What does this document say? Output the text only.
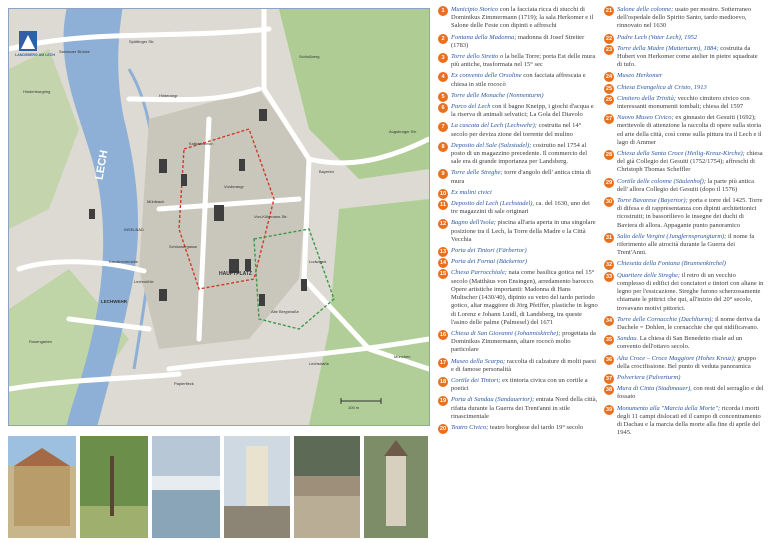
LANDSBERG AM LECH
LECH
HAUPTPLATZ
LECHWEHR
INSELBAD
100 m
Hindenburgring
Spöttinger Str.
Hinterangr
Schloßberg
Bayertor
Katharinenstr.
Vorderangr
Schlossergasse
Von-Kühlmann-Str.
Ludwigstr.
Alte Bergstraße
Lechmühle
Mühlbach
Karolinenbrücke
Rosengarten
Papierfleck
Lechstraße
Sandauer Brücke
Augsburger Str.
München
1 Municipio Storico con la facciata ricca di stucchi di Dominikus Zimmermann (1719); la sala Herkomer e il Salone delle Feste con dipinti e affreschi
2 Fontana della Madonna; madonna di Josef Streiter (1783)
3 Torre dello Stretto o la bella Torre; porta Est delle mura più antiche, trasformata nel 15° sec
4 Ex convento delle Orsoline con facciata affrescata e chiesa in stile rococò
5 Torre delle Monache (Nonnenturm)
6 Parco del Lech con il bagno Kneipp, i giochi d'acqua e la riserva di animali selvatici; La Gola del Diavolo
7 La cascata del Lech (Lechwehr); costruita nel 14° secolo per deviza zione del torrente del mulino
8 Deposito del Sale (Salzstadel); costruito nel 1754 al posto di un magazzino precedente. Il commercio del sale era di grande importanza per Landsberg.
9 Torre delle Streghe; torre d'angolo dell' antica cinta di mura
10 Ex mulini civici
11 Deposito del Lech (Lechstadel), ca. del 1630, uno dei tre magazzini di sale originari
12 Bagno dell'Isola; piscina all'aria aperta in una singolare posizione tra il Lech, la Torre della Madre e la Città Vecchia
13 Porta dei Tintori (Färbertor)
14 Porta dei Fornai (Bäckertor)
15 Chiesa Parrocchiale; nata come basilica gotica nel 15° secolo (Matthäus von Ensingen), arredamento barocco. Opere artistiche importanti: Madonna di Hans Multscher (1430/40), dipinto su vetro del tardo periodo gotico, altar maggiore di Jörg Pfeiffer, plastiche in legno di Lorenz e Johann Luidl, di Landsberg, tra queste l'asino delle palme (Palmesel) del 1671
16 Chiesa di San Giovanni (Johanniskirche); progettata da Dominikus Zimmermann, altare rococò molto particolare
17 Museo della Scarpa; raccolta di calzature di molti paesi e di famose personalità
18 Cortile dei Tintori; ex tintoria civica con un cortile a poetici
19 Porta di Sandau (Sandauertor); entrata Nord della città, rifatta durante la Guerra dei Trent'anni in stile rinascimentale
20 Teatro Civico; teatro borghese del tardo 19° secolo
21 Salone delle colonne; usato per mostre. Sotterraneo dell'ospedale dello Spirito Santo, tardo medioevo, rinnovato nel 1630
22 Padre Lech (Vater Lech), 1952
23 Torre della Madre (Mutterturm), 1884; costruita da Hubert von Herkomer come atelier in pietre squadrate di tufo.
24 Museo Herkomer
25 Chiesa Evangelica di Cristo, 1913
26 Cimitero della Trinità; vecchio cimitero civico con interessanti monumenti tombali; chiesa del 1597
27 Nuovo Museo Civico; ex ginnasio dei Gesuiti (1692); meritevole di attenzione la raccolta di opere sulla storia ed arte della città, così come sulla pittura tra il Lech e il lago di Ammer
28 Chiesa della Santa Croce (Heilig-Kreuz-Kirche); chiesa del già Collegio dei Gesuiti (1752/1754); affreschi di Christoph Thomas Scheffler
29 Cortile delle colonne (Säulenhof); la parte più antica dell' allora Collegio dei Gesuiti (dopo il 1576)
30 Torre Bavarese (Bayertor); porta e torre del 1425. Torre di difesa e di rappresentanza con dipinti architettonici ricostruiti; in bassorilievo le insegne dei duchi di Baviera di allora. Appagante punto panoramico
31 Salto delle Vergini (Jungfernsprungturm); il nome fa riferimento alle atrocità durante la Guerra dei Trent'Anni.
32 Chiesetta della Fontana (Brunnenkirchel)
33 Quartiere delle Streghe; il retro di un vecchio complesso di edifici dei conciatori e tintori con altane in legno per l'essicazione. Streghe furono scherzosamente chiamate le pittrici che qui, all'inizio del 20° secolo, trovavano motivi pittorici.
34 Torre delle Cornacchie (Dachlturm); il nome deriva da Dachele = Dohlen, le cornacchie che qui nidificavano.
35 Sandau. La chiesa di San Benedetto risale ad un convento dell'ottavo secolo.
36 Alta Croce – Croce Maggiore (Hohes Kreuz); gruppo della crocifissione. Bel punto di veduta panoramica
37 Polveriera (Pulverturm)
38 Mura di Cinta (Stadtmauer), con resti del serraglio e del fossato
39 Monumento alla "Marcia della Morte"; ricorda i morti degli 11 campi dislocati ed il campo di concentramento di Dachau e la marcia della morte alla fine di aprile del 1945.
